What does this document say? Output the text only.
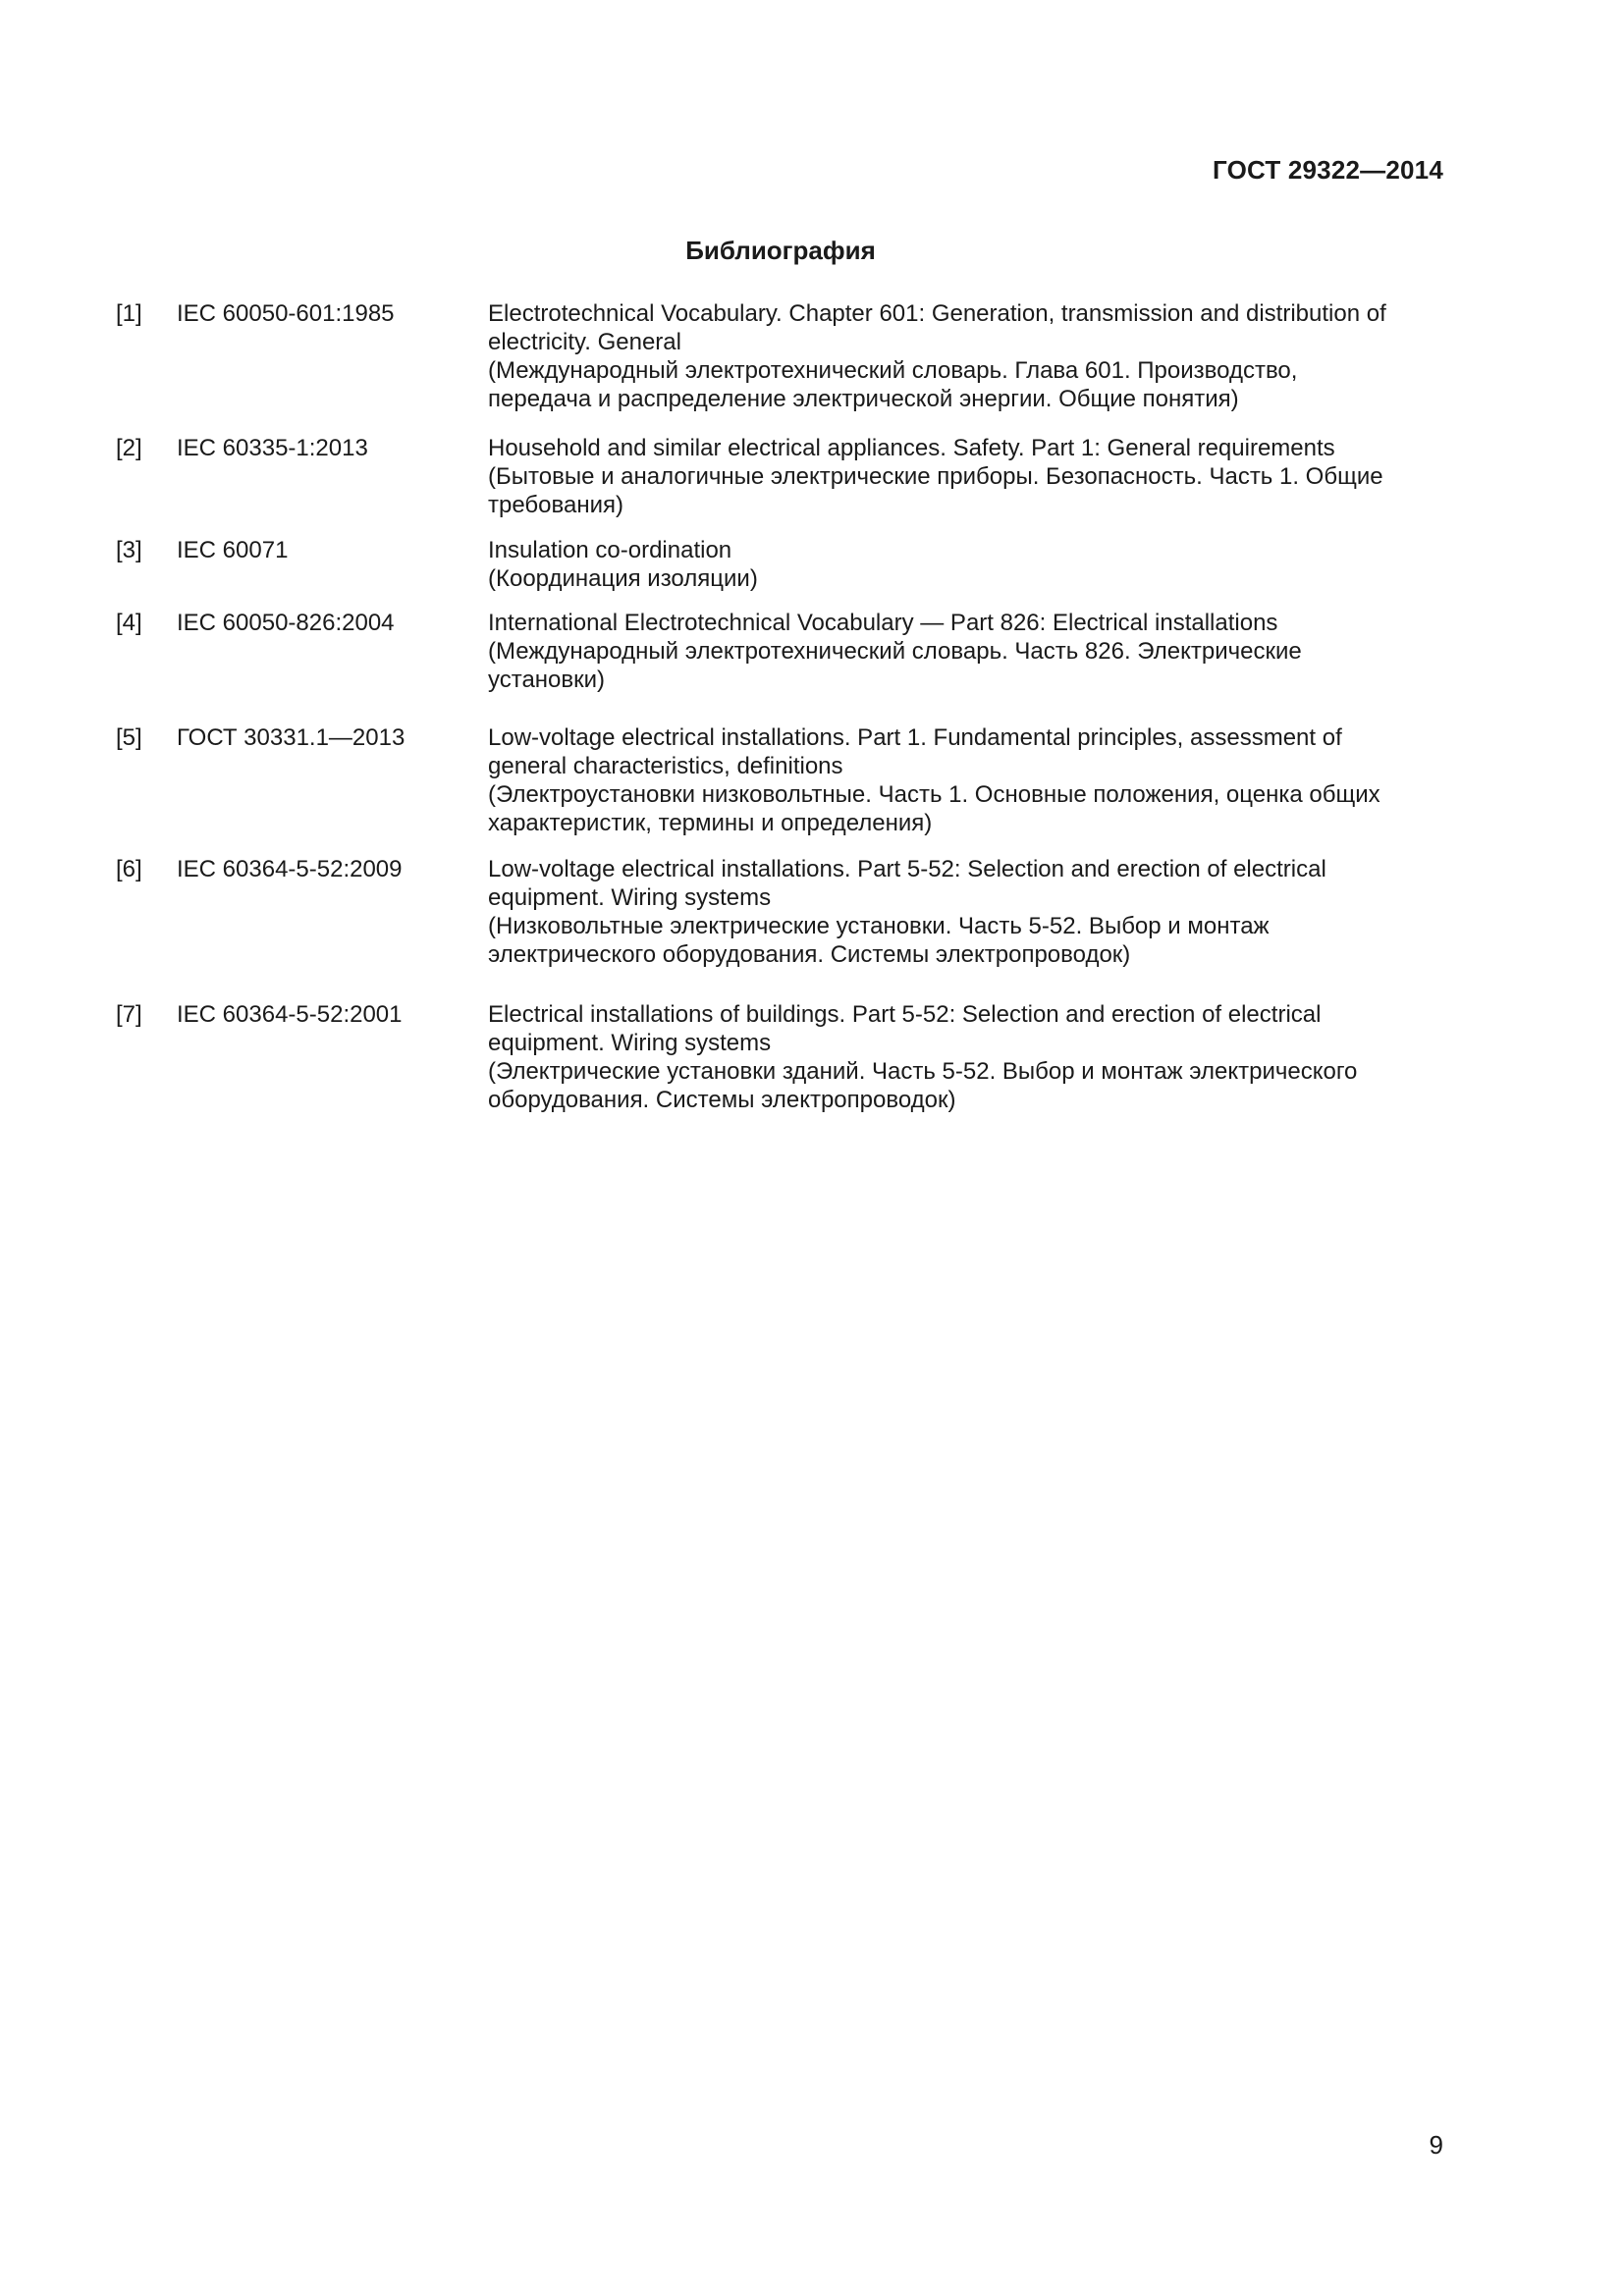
ГОСТ 29322—2014
Библиография
[1]	IEC 60050-601:1985	Electrotechnical Vocabulary. Chapter 601: Generation, transmission and distribution of
electricity. General
(Международный электротехнический словарь. Глава 601. Производство,
передача и распределение электрической энергии. Общие понятия)
[2]	IEC 60335-1:2013	Household and similar electrical appliances. Safety. Part 1: General requirements
(Бытовые и аналогичные электрические приборы. Безопасность. Часть 1. Общие
требования)
[3]	IEC 60071	Insulation co-ordination
(Координация изоляции)
[4]	IEC 60050-826:2004	International Electrotechnical Vocabulary — Part 826: Electrical installations
(Международный электротехнический словарь. Часть 826. Электрические
установки)
[5]	ГОСТ 30331.1—2013	Low-voltage electrical installations. Part 1. Fundamental principles, assessment of
general characteristics, definitions
(Электроустановки низковольтные. Часть 1. Основные положения, оценка общих
характеристик, термины и определения)
[6]	IEC 60364-5-52:2009	Low-voltage electrical installations. Part 5-52: Selection and erection of electrical
equipment. Wiring systems
(Низковольтные электрические установки. Часть 5-52. Выбор и монтаж
электрического оборудования. Системы электропроводок)
[7]	IEC 60364-5-52:2001	Electrical installations of buildings. Part 5-52: Selection and erection of electrical
equipment. Wiring systems
(Электрические установки зданий. Часть 5-52. Выбор и монтаж электрического
оборудования. Системы электропроводок)
9
